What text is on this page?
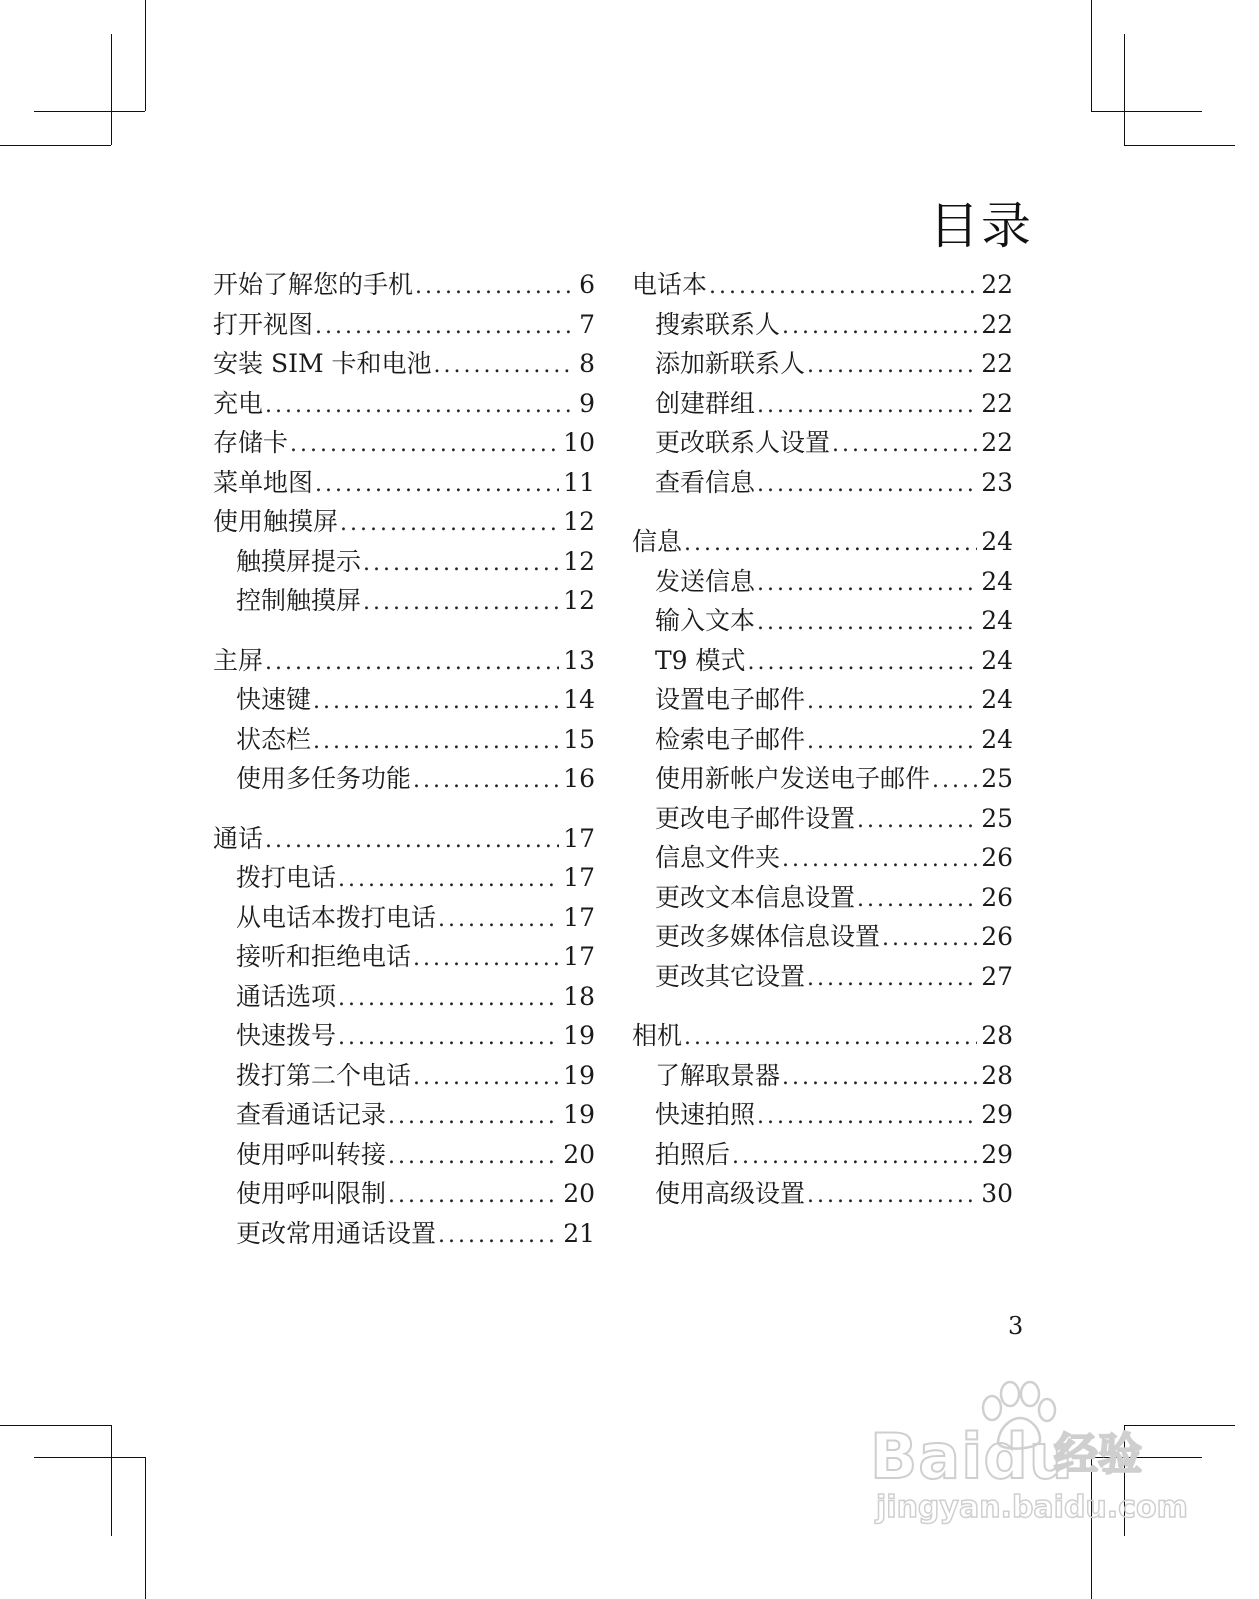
目录
开始了解您的手机 .....	6
打开视图 .....	7
安装 SIM 卡和电池 .....	8
充电 .....	9
存储卡 .....	10
菜单地图 .....	11
使用触摸屏 .....	12
触摸屏提示 .....	12
控制触摸屏 .....	12
主屏 .....	13
快速键 .....	14
状态栏 .....	15
使用多任务功能 .....	16
通话 .....	17
拨打电话 .....	17
从电话本拨打电话 .....	17
接听和拒绝电话 .....	17
通话选项 .....	18
快速拨号 .....	19
拨打第二个电话 .....	19
查看通话记录 .....	19
使用呼叫转接 .....	20
使用呼叫限制 .....	20
更改常用通话设置 .....	21
电话本 .....	22
搜索联系人 .....	22
添加新联系人 .....	22
创建群组 .....	22
更改联系人设置 .....	22
查看信息 .....	23
信息 .....	24
发送信息 .....	24
输入文本 .....	24
T9 模式 .....	24
设置电子邮件 .....	24
检索电子邮件 .....	24
使用新帐户发送电子邮件 ..... 25
更改电子邮件设置 .....	25
信息文件夹 .....	26
更改文本信息设置 .....	26
更改多媒体信息设置 .....	26
更改其它设置 .....	27
相机 .....	28
了解取景器 .....	28
快速拍照 .....	29
拍照后 .....	29
使用高级设置 .....	30
3
Baidu
经验
jingyan.baidu.com
